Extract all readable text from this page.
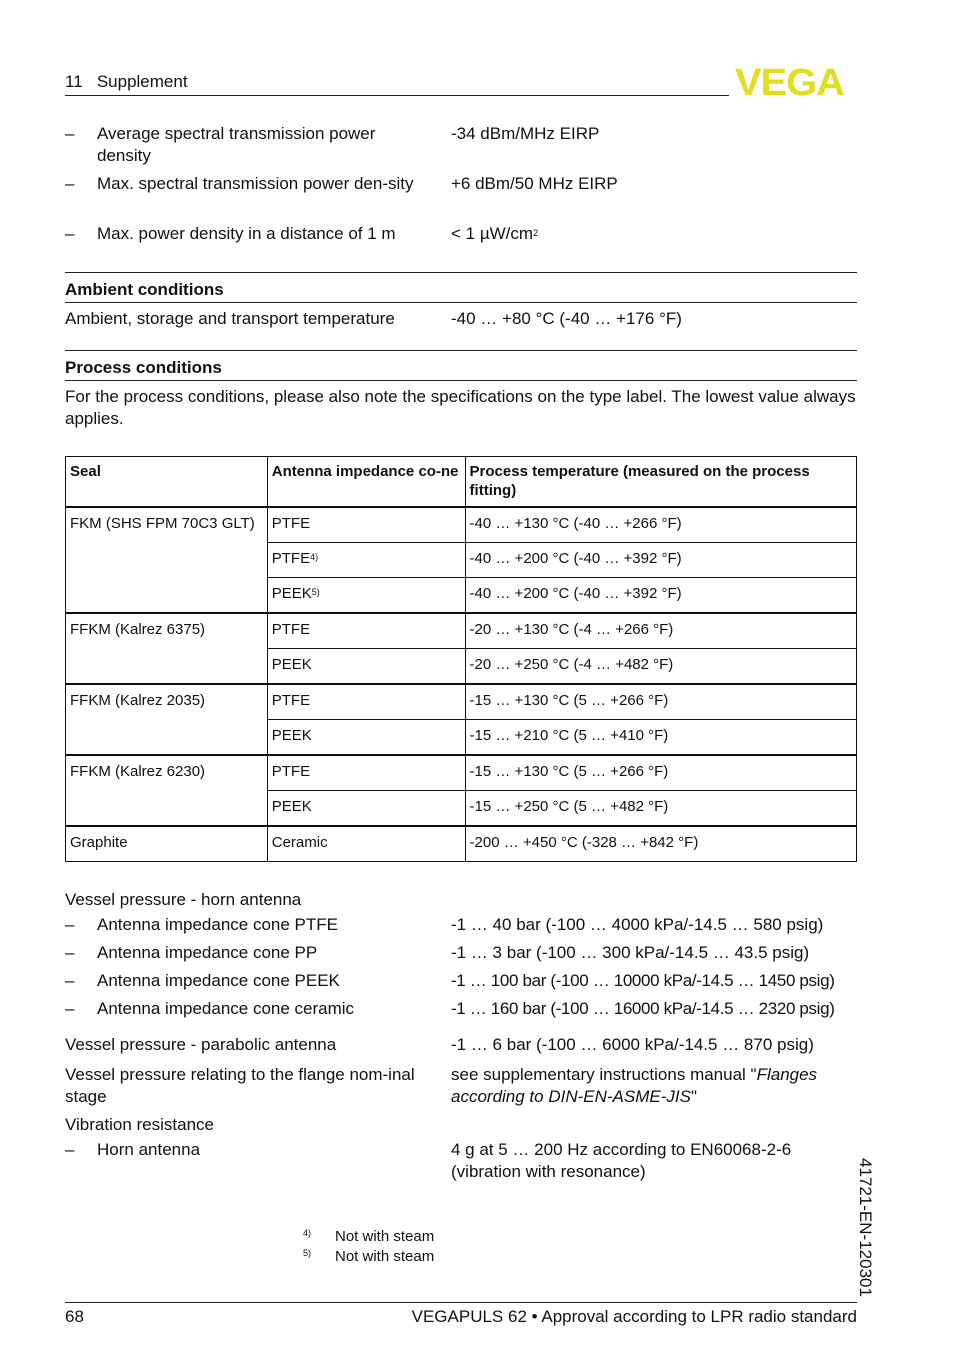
11 Supplement	VEGA
– Average spectral transmission power density
-34 dBm/MHz EIRP
– Max. spectral transmission power den-sity +6 dBm/50 MHz EIRP
– Max. power density in a distance of 1 m	< 1 $\mu W/cm^2$
Ambient conditions
Ambient, storage and transport temperature	-40 … +80 °C (-40 … +176 °F)
Process conditions
For the process conditions, please also note the specifications on the type label. The lowest value always applies.
Seal	Antenna impedance co-ne	Process temperature (measured on the process fitting)
FKM (SHS FPM 70C3 GLT)	PTFE	-40 … +130 °C (-40 … +266 °F)
	PTFE$^{4)}$	-40 … +200 °C (-40 … +392 °F)
	PEEK$^{5)}$	-40 … +200 °C (-40 … +392 °F)
FFKM (Kalrez 6375)	PTFE	-20 … +130 °C (-4 … +266 °F)
	PEEK	-20 … +250 °C (-4 … +482 °F)
FFKM (Kalrez 2035)	PTFE	-15 … +130 °C (5 … +266 °F)
	PEEK	-15 … +210 °C (5 … +410 °F)
FFKM (Kalrez 6230)	PTFE	-15 … +130 °C (5 … +266 °F)
	PEEK	-15 … +250 °C (5 … +482 °F)
Graphite	Ceramic	-200 … +450 °C (-328 … +842 °F)
Vessel pressure - horn antenna
– Antenna impedance cone PTFE	-1 … 40 bar (-100 … 4000 kPa/-14.5 … 580 psig)
– Antenna impedance cone PP	-1 … 3 bar (-100 … 300 kPa/-14.5 … 43.5 psig)
– Antenna impedance cone PEEK	-1 … 100 bar (-100 … 10000 kPa/-14.5 … 1450 psig)
– Antenna impedance cone ceramic	-1 … 160 bar (-100 … 16000 kPa/-14.5 … 2320 psig)
Vessel pressure - parabolic antenna	-1 … 6 bar (-100 … 6000 kPa/-14.5 … 870 psig)
Vessel pressure relating to the flange nom-inal stage
see supplementary instructions manual "Flanges according to DIN-EN-ASME-JIS"
Vibration resistance
– Horn antenna	4 g at 5 … 200 Hz according to EN60068-2-6 (vibration with resonance)
$^{4)}$ Not with steam
$^{5)}$ Not with steam	41721-EN-120301
68	VEGAPULS 62 • Approval according to LPR radio standard
